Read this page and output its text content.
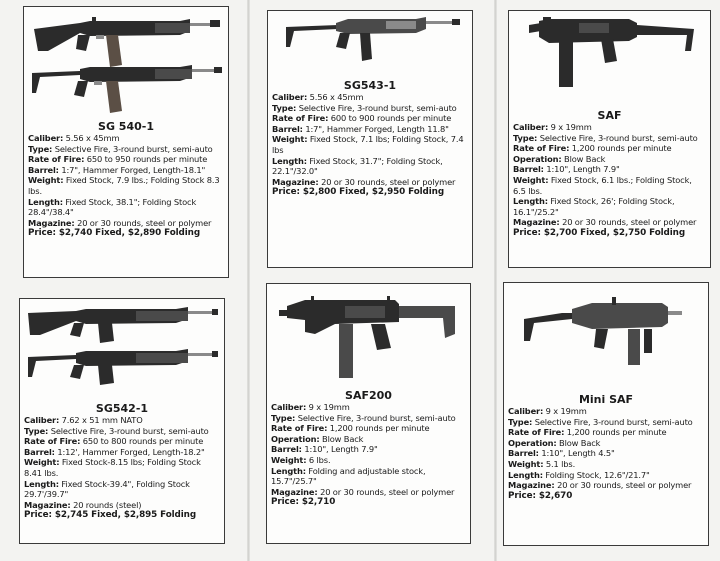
SG 540-1

Caliber: 5.56 x 45mm

Type: Selective Fire, 3-round burst, semi-auto

Rate of Fire: 650 to 950 rounds per minute

Barrel: 1:7", Hammer Forged, Length-18.1"

Weight: Fixed Stock, 7.9 lbs.; Folding Stock 8.3 lbs.

Length: Fixed Stock, 38.1"; Folding Stock 28.4"/38.4"

Magazine: 20 or 30 rounds, steel or polymer

Price: $2,740 Fixed, $2,890 Folding

SG543-1

Caliber: 5.56 x 45mm

Type: Selective Fire, 3-round burst, semi-auto

Rate of Fire: 600 to 900 rounds per minute

Barrel: 1:7", Hammer Forged, Length 11.8"

Weight: Fixed Stock, 7.1 lbs; Folding Stock, 7.4 lbs

Length: Fixed Stock, 31.7"; Folding Stock, 22.1"/32.0"

Magazine: 20 or 30 rounds, steel or polymer

Price: $2,800 Fixed, $2,950 Folding

SAF

Caliber: 9 x 19mm

Type: Selective Fire, 3-round burst, semi-auto

Rate of Fire: 1,200 rounds per minute

Operation: Blow Back

Barrel: 1:10", Length 7.9"

Weight: Fixed Stock, 6.1 lbs.; Folding Stock, 6.5 lbs.

Length: Fixed Stock, 26'; Folding Stock, 16.1"/25.2"

Magazine: 20 or 30 rounds, steel or polymer

Price: $2,700 Fixed, $2,750 Folding

SG542-1

Caliber: 7.62 x 51 mm NATO

Type: Selective Fire, 3-round burst, semi-auto

Rate of Fire: 650 to 800 rounds per minute

Barrel: 1:12', Hammer Forged, Length-18.2"

Weight: Fixed Stock-8.15 lbs; Folding Stock 8.41 lbs.

Length: Fixed Stock-39.4", Folding Stock 29.7'/39.7"

Magazine: 20 rounds (steel)

Price: $2,745 Fixed, $2,895 Folding

SAF200

Caliber: 9 x 19mm

Type: Selective Fire, 3-round burst, semi-auto

Rate of Fire: 1,200 rounds per minute

Operation: Blow Back

Barrel: 1:10", Length 7.9"

Weight: 6 lbs.

Length: Folding and adjustable stock, 15.7"/25.7"

Magazine: 20 or 30 rounds, steel or polymer

Price: $2,710

Mini SAF

Caliber: 9 x 19mm

Type: Selective Fire, 3-round burst, semi-auto

Rate of Fire: 1,200 rounds per minute

Operation: Blow Back

Barrel: 1:10", Length 4.5"

Weight: 5.1 lbs.

Length: Folding Stock, 12.6"/21.7"

Magazine: 20 or 30 rounds, steel or polymer

Price: $2,670
